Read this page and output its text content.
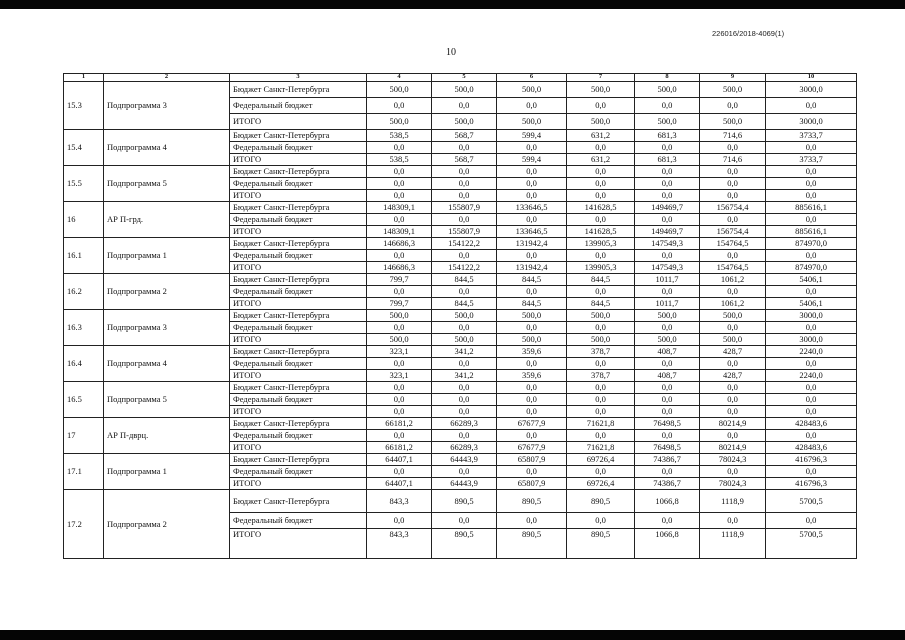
226016/2018-4069(1)
10
1	2	3	4	5	6	7	8	9	10
15.3	Подпрограмма 3	Бюджет Санкт-Петербурга	500,0	500,0	500,0	500,0	500,0	500,0	3000,0
		Федеральный бюджет	0,0	0,0	0,0	0,0	0,0	0,0	0,0
		ИТОГО	500,0	500,0	500,0	500,0	500,0	500,0	3000,0
15.4	Подпрограмма 4	Бюджет Санкт-Петербурга	538,5	568,7	599,4	631,2	681,3	714,6	3733,7
		Федеральный бюджет	0,0	0,0	0,0	0,0	0,0	0,0	0,0
		ИТОГО	538,5	568,7	599,4	631,2	681,3	714,6	3733,7
15.5	Подпрограмма 5	Бюджет Санкт-Петербурга	0,0	0,0	0,0	0,0	0,0	0,0	0,0
		Федеральный бюджет	0,0	0,0	0,0	0,0	0,0	0,0	0,0
		ИТОГО	0,0	0,0	0,0	0,0	0,0	0,0	0,0
16	АР П-грд.	Бюджет Санкт-Петербурга	148309,1	155807,9	133646,5	141628,5	149469,7	156754,4	885616,1
		Федеральный бюджет	0,0	0,0	0,0	0,0	0,0	0,0	0,0
		ИТОГО	148309,1	155807,9	133646,5	141628,5	149469,7	156754,4	885616,1
16.1	Подпрограмма 1	Бюджет Санкт-Петербурга	146686,3	154122,2	131942,4	139905,3	147549,3	154764,5	874970,0
		Федеральный бюджет	0,0	0,0	0,0	0,0	0,0	0,0	0,0
		ИТОГО	146686,3	154122,2	131942,4	139905,3	147549,3	154764,5	874970,0
16.2	Подпрограмма 2	Бюджет Санкт-Петербурга	799,7	844,5	844,5	844,5	1011,7	1061,2	5406,1
		Федеральный бюджет	0,0	0,0	0,0	0,0	0,0	0,0	0,0
		ИТОГО	799,7	844,5	844,5	844,5	1011,7	1061,2	5406,1
16.3	Подпрограмма 3	Бюджет Санкт-Петербурга	500,0	500,0	500,0	500,0	500,0	500,0	3000,0
		Федеральный бюджет	0,0	0,0	0,0	0,0	0,0	0,0	0,0
		ИТОГО	500,0	500,0	500,0	500,0	500,0	500,0	3000,0
16.4	Подпрограмма 4	Бюджет Санкт-Петербурга	323,1	341,2	359,6	378,7	408,7	428,7	2240,0
		Федеральный бюджет	0,0	0,0	0,0	0,0	0,0	0,0	0,0
		ИТОГО	323,1	341,2	359,6	378,7	408,7	428,7	2240,0
16.5	Подпрограмма 5	Бюджет Санкт-Петербурга	0,0	0,0	0,0	0,0	0,0	0,0	0,0
		Федеральный бюджет	0,0	0,0	0,0	0,0	0,0	0,0	0,0
		ИТОГО	0,0	0,0	0,0	0,0	0,0	0,0	0,0
17	АР П-дврц.	Бюджет Санкт-Петербурга	66181,2	66289,3	67677,9	71621,8	76498,5	80214,9	428483,6
		Федеральный бюджет	0,0	0,0	0,0	0,0	0,0	0,0	0,0
		ИТОГО	66181,2	66289,3	67677,9	71621,8	76498,5	80214,9	428483,6
17.1	Подпрограмма 1	Бюджет Санкт-Петербурга	64407,1	64443,9	65807,9	69726,4	74386,7	78024,3	416796,3
		Федеральный бюджет	0,0	0,0	0,0	0,0	0,0	0,0	0,0
		ИТОГО	64407,1	64443,9	65807,9	69726,4	74386,7	78024,3	416796,3
17.2	Подпрограмма 2	Бюджет Санкт-Петербурга	843,3	890,5	890,5	890,5	1066,8	1118,9	5700,5
		Федеральный бюджет	0,0	0,0	0,0	0,0	0,0	0,0	0,0
		ИТОГО	843,3	890,5	890,5	890,5	1066,8	1118,9	5700,5
